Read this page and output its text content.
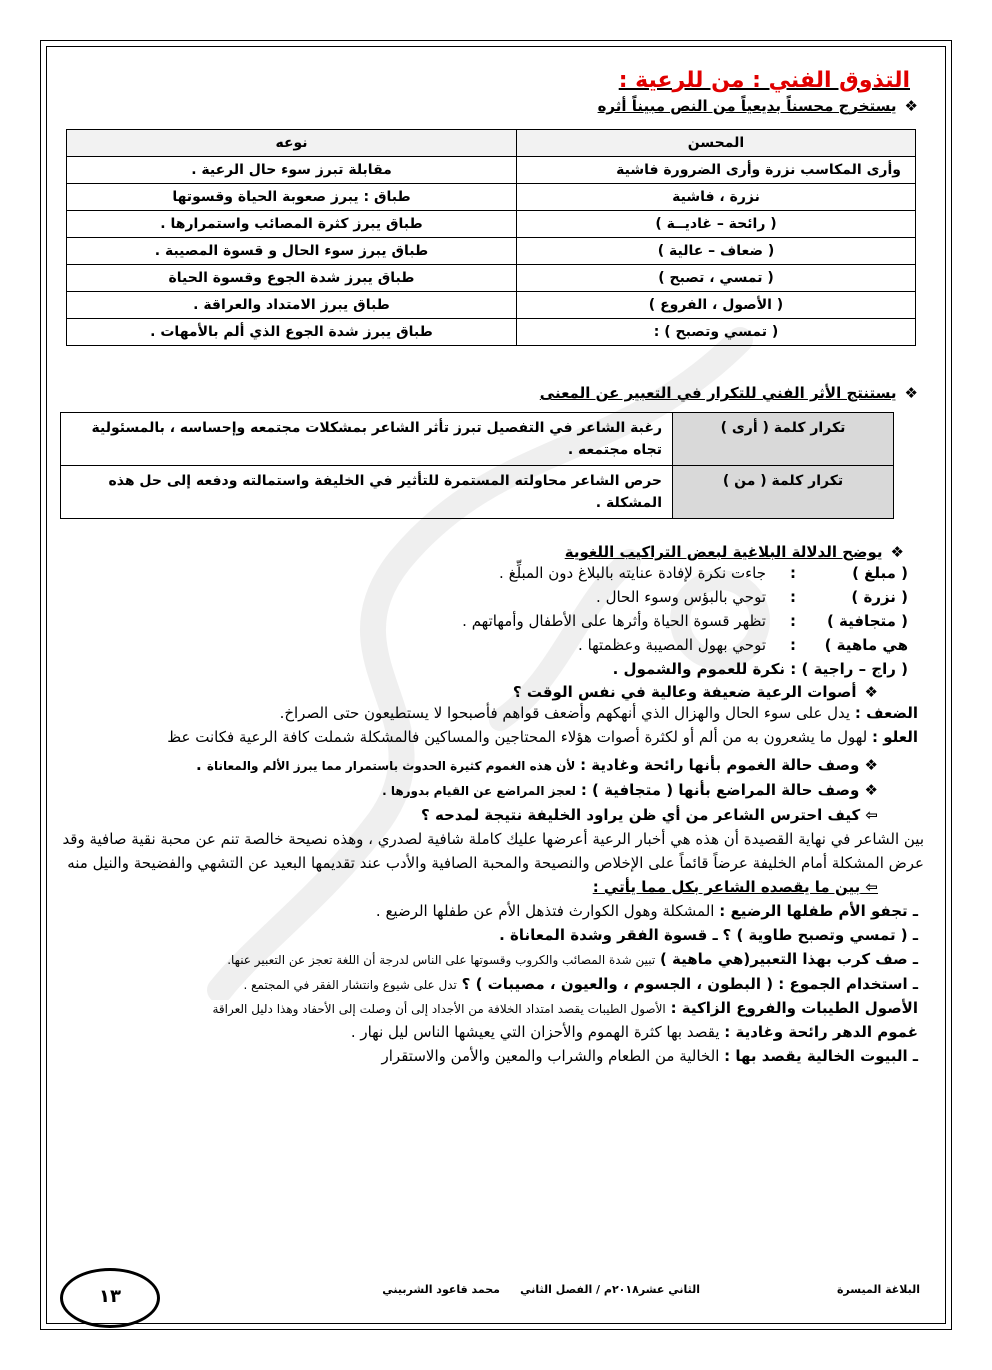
التذوق الفني : من للرعية :
❖يستخرج محسناً بديعياً من النص مبيناً أثره
المحسن	نوعه
وأرى المكاسب نزرة وأرى الضرورة فاشية	مقابلة تبرز سوء حال الرعية .
نزرة ، فاشية	طباق : يبرز صعوبة الحياة وقسوتها
( رائحة – غاديــة )	طباق يبرز كثرة المصائب واستمرارها .
( ضعاف – عالية )	طباق يبرز سوء الحال و قسوة المصيبة .
( تمسي ، تصبح )	طباق يبرز شدة الجوع وقسوة الحياة
( الأصول ، الفروع )	طباق يبرز الامتداد والعراقة .
( تمسي وتصبح ) :	طباق يبرز شدة الجوع الذي ألم بالأمهات .
❖يستنتج الأثر الفني للتكرار في التعبير عن المعنى
تكرار كلمة ( أرى )	رغبة الشاعر في التفصيل تبرز تأثر الشاعر بمشكلات مجتمعه وإحساسه ، بالمسئولية تجاه مجتمعه .
تكرار كلمة ( من )	حرص الشاعر محاولته المستمرة للتأثير في الخليفة واستمالته ودفعه إلى حل هذه المشكلة .
❖يوضح الدلالة البلاغية لبعض التراكيب اللغوية

( مبلغ ):جاءت نكرة لإفادة عنايته بالبلاغ دون المبلِّغ .

( نزرة ):توحي بالبؤس وسوء الحال .

( متجافية ):تظهر قسوة الحياة وأثرها على الأطفال وأمهاتهم .

هي ماهية ):توحي بهول المصيبة وعظمتها .

( راج – راجية ) : نكرة للعموم والشمول .

❖أصوات الرعية ضعيفة وعالية في نفس الوقت ؟

الضعف : يدل على سوء الحال والهزال الذي أنهكهم وأضعف قواهم فأصبحوا لا يستطيعون حتى الصراخ.

العلو : لهول ما يشعرون به من ألم أو لكثرة أصوات هؤلاء المحتاجين والمساكين فالمشكلة شملت كافة الرعية فكانت عظ

❖ وصف حالة الغموم بأنها رائحة وغادية : لأن هذه الغموم كثيرة الحدوث باستمرار مما يبرز الألم والمعاناة .

❖ وصف حالة المراضع بأنها ( متجافية ) : لعجز المراضع عن القيام بدورها .

⇦ كيف احترس الشاعر من أي ظن يراود الخليفة نتيجة لمدحه ؟

بين الشاعر في نهاية القصيدة أن هذه هي أخبار الرعية أعرضها عليك كاملة شافية لصدري ، وهذه نصيحة خالصة تنم عن محبة نقية صافية وقد عرض المشكلة أمام الخليفة عرضاً قائماً على الإخلاص والنصيحة والمحبة الصافية والأدب عند تقديمها البعيد عن التشهي والفضيحة والنيل منه

⇦ بين ما يقصده الشاعر بكل مما يأتي :

ـ تجفو الأم طفلها الرضيع : المشكلة وهول الكوارث فتذهل الأم عن طفلها الرضيع .

ـ ( تمسي وتصبح طاوية ) ؟ ـ قسوة الفقر وشدة المعاناة .

ـ صف كرب بهذا التعبير(هي ماهية ) تبين شدة المصائب والكروب وقسوتها على الناس لدرجة أن اللغة تعجز عن التعبير عنها.

ـ استخدام الجموع : ( البطون ، الجسوم ، والعيون ، مصيبات ) ؟ تدل على شيوع وانتشار الفقر في المجتمع .

الأصول الطيبات والفروع الزاكية : الأصول الطيبات يقصد امتداد الخلافة من الأجداد إلى أن وصلت إلى الأحفاد وهذا دليل العراقة

غموم الدهر رائحة وغادية : يقصد بها كثرة الهموم والأحزان التي يعيشها الناس ليل نهار .

ـ البيوت الخالية يقصد بها : الخالية من الطعام والشراب والمعين والأمن والاستقرار

البلاغة الميسرة
الثاني عشر٢٠١٨م / الفصل الثاني
محمد قاعود الشربيني
١٣
